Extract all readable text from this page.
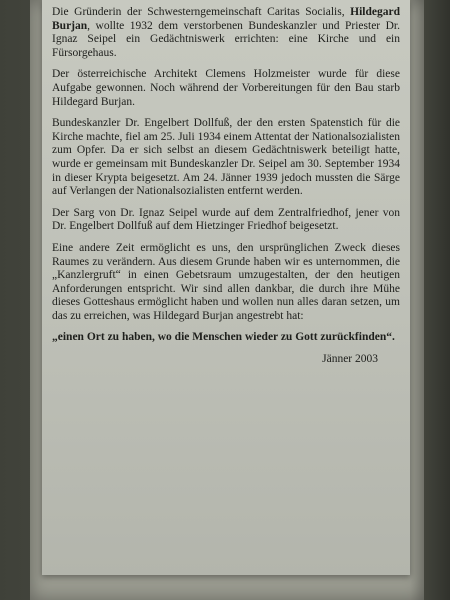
Die Gründerin der Schwesterngemeinschaft Caritas Socialis, Hildegard Burjan, wollte 1932 dem verstorbenen Bundeskanzler und Priester Dr. Ignaz Seipel ein Gedächtniswerk errichten: eine Kirche und ein Fürsorgehaus.

Der österreichische Architekt Clemens Holzmeister wurde für diese Aufgabe gewonnen. Noch während der Vorbereitungen für den Bau starb Hildegard Burjan.

Bundeskanzler Dr. Engelbert Dollfuß, der den ersten Spatenstich für die Kirche machte, fiel am 25. Juli 1934 einem Attentat der Nationalsozialisten zum Opfer. Da er sich selbst an diesem Gedächtniswerk beteiligt hatte, wurde er gemeinsam mit Bundeskanzler Dr. Seipel am 30. September 1934 in dieser Krypta beigesetzt. Am 24. Jänner 1939 jedoch mussten die Särge auf Verlangen der Nationalsozialisten entfernt werden.

Der Sarg von Dr. Ignaz Seipel wurde auf dem Zentralfriedhof, jener von Dr. Engelbert Dollfuß auf dem Hietzinger Friedhof beigesetzt.

Eine andere Zeit ermöglicht es uns, den ursprünglichen Zweck dieses Raumes zu verändern. Aus diesem Grunde haben wir es unternommen, die „Kanzlergruft“ in einen Gebetsraum umzugestalten, der den heutigen Anforderungen entspricht. Wir sind allen dankbar, die durch ihre Mühe dieses Gotteshaus ermöglicht haben und wollen nun alles daran setzen, um das zu erreichen, was Hildegard Burjan angestrebt hat:

„einen Ort zu haben, wo die Menschen wieder zu Gott zurückfinden“.

Jänner 2003
